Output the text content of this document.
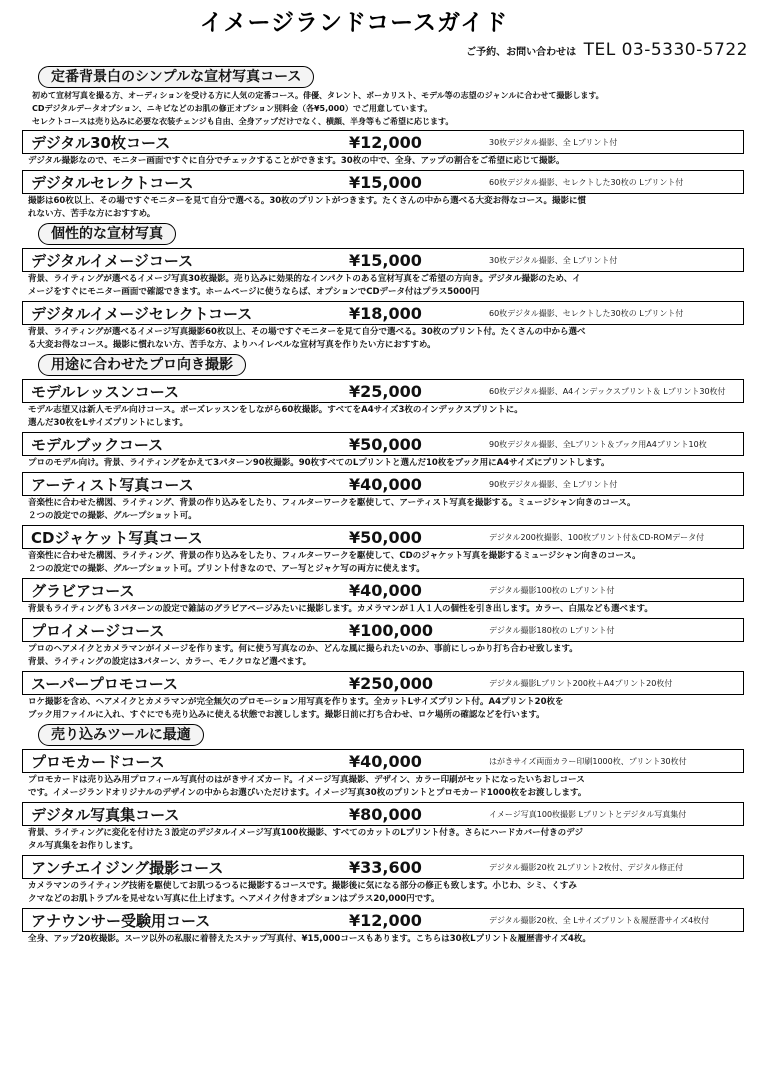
イメージランドコースガイド
ご予約、お問い合わせは TEL 03-5330-5722
定番背景白のシンプルな宣材写真コース
初めて宣材写真を撮る方、オーディションを受ける方に人気の定番コース。俳優、タレント、ボーカリスト、モデル等の志望のジャンルに合わせて撮影します。
CDデジタルデータオプション、ニキビなどのお肌の修正オプション別料金（各¥5,000）でご用意しています。
セレクトコースは売り込みに必要な衣装チェンジも自由、全身アップだけでなく、横顔、半身等もご希望に応じます。
デジタル30枚コース	¥12,000	30枚デジタル撮影、全 Lプリント付
デジタル撮影なので、モニター画面ですぐに自分でチェックすることができます。30枚の中で、全身、アップの割合をご希望に応じて撮影。
デジタルセレクトコース	¥15,000	60枚デジタル撮影、セレクトした30枚の Lプリント付
撮影は60枚以上、その場ですぐモニターを見て自分で選べる。30枚のプリントがつきます。たくさんの中から選べる大変お得なコース。撮影に慣
れない方、苦手な方におすすめ。
個性的な宣材写真
デジタルイメージコース	¥15,000	30枚デジタル撮影、全 Lプリント付
背景、ライティングが選べるイメージ写真30枚撮影。売り込みに効果的なインパクトのある宣材写真をご希望の方向き。デジタル撮影のため、イ
メージをすぐにモニター画面で確認できます。ホームページに使うならば、オプションでCDデータ付はプラス5000円
デジタルイメージセレクトコース	¥18,000	60枚デジタル撮影、セレクトした30枚の Lプリント付
背景、ライティングが選べるイメージ写真撮影60枚以上、その場ですぐモニターを見て自分で選べる。30枚のプリント付。たくさんの中から選べ
る大変お得なコース。撮影に慣れない方、苦手な方、よりハイレベルな宣材写真を作りたい方におすすめ。
用途に合わせたプロ向き撮影
モデルレッスンコース	¥25,000	60枚デジタル撮影、A4インデックスプリント＆ Lプリント30枚付
モデル志望又は新人モデル向けコース。ポーズレッスンをしながら60枚撮影。すべてをA4サイズ3枚のインデックスプリントに。
選んだ30枚をLサイズプリントにします。
モデルブックコース	¥50,000	90枚デジタル撮影、全Lプリント＆ブック用A4プリント10枚
プロのモデル向け。背景、ライティングをかえて3パターン90枚撮影。90枚すべてのLプリントと選んだ10枚をブック用にA4サイズにプリントします。
アーティスト写真コース	¥40,000	90枚デジタル撮影、全 Lプリント付
音楽性に合わせた構図、ライティング、背景の作り込みをしたり、フィルターワークを駆使して、アーティスト写真を撮影する。ミュージシャン向きのコース。
２つの設定での撮影、グループショット可。
CDジャケット写真コース	¥50,000	デジタル200枚撮影、100枚プリント付＆CD-ROMデータ付
音楽性に合わせた構図、ライティング、背景の作り込みをしたり、フィルターワークを駆使して、CDのジャケット写真を撮影するミュージシャン向きのコース。
２つの設定での撮影、グループショット可。プリント付きなので、アー写とジャケ写の両方に使えます。
グラビアコース	¥40,000	デジタル撮影100枚の Lプリント付
背景もライティングも３パターンの設定で雑誌のグラビアページみたいに撮影します。カメラマンが１人１人の個性を引き出します。カラー、白黒なども選べます。
プロイメージコース	¥100,000	デジタル撮影180枚の Lプリント付
プロのヘアメイクとカメラマンがイメージを作ります。何に使う写真なのか、どんな風に撮られたいのか、事前にしっかり打ち合わせ致します。
背景、ライティングの設定は3パターン、カラー、モノクロなど選べます。
スーパープロモコース	¥250,000	デジタル撮影Lプリント200枚＋A4プリント20枚付
ロケ撮影を含め、ヘアメイクとカメラマンが完全無欠のプロモーション用写真を作ります。全カットLサイズプリント付。A4プリント20枚を
ブック用ファイルに入れ、すぐにでも売り込みに使える状態でお渡しします。撮影日前に打ち合わせ、ロケ場所の確認などを行います。
売り込みツールに最適
プロモカードコース	¥40,000	はがきサイズ両面カラー印刷1000枚、プリント30枚付
プロモカードは売り込み用プロフィール写真付のはがきサイズカード。イメージ写真撮影、デザイン、カラー印刷がセットになったいちおしコース
です。イメージランドオリジナルのデザインの中からお選びいただけます。イメージ写真30枚のプリントとプロモカード1000枚をお渡しします。
デジタル写真集コース	¥80,000	イメージ写真100枚撮影 Lプリントとデジタル写真集付
背景、ライティングに変化を付けた３設定のデジタルイメージ写真100枚撮影、すべてのカットのLプリント付き。さらにハードカバー付きのデジ
タル写真集をお作りします。
アンチエイジング撮影コース	¥33,600	デジタル撮影20枚 2Lプリント2枚付、デジタル修正付
カメラマンのライティング技術を駆使してお肌つるつるに撮影するコースです。撮影後に気になる部分の修正も致します。小じわ、シミ、くすみ
クマなどのお肌トラブルを見せない写真に仕上げます。ヘアメイク付きオプションはプラス20,000円です。
アナウンサー受験用コース	¥12,000	デジタル撮影20枚、全 Lサイズプリント＆履歴書サイズ4枚付
全身、アップ20枚撮影。スーツ以外の私服に着替えたスナップ写真付、¥15,000コースもあります。こちらは30枚Lプリント＆履歴書サイズ4枚。
